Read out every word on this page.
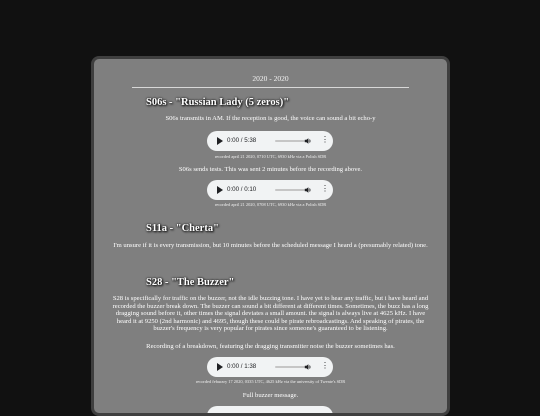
2020 - 2020
S06s - "Russian Lady (5 zeros)"
S06s transmits in AM. If the reception is good, the voice can sound a bit echo-y
0:00 / 5:38	⋮
recorded april 21 2020, 0710 UTC, 6930 kHz via a Polish SDR
S06s sends tests. This was sent 2 minutes before the recording above.
0:00 / 0:10	⋮
recorded april 21 2020, 0708 UTC, 6930 kHz via a Polish SDR
S11a - "Cherta"
I'm unsure if it is every transmission, but 10 minutes before the scheduled message I heard a (presumably related) tone.
S28 - "The Buzzer"
S28 is specifically for traffic on the buzzer, not the idle buzzing tone. I have yet to hear any traffic, but i have heard and recorded the buzzer break down. The buzzer can sound a bit different at different times. Sometimes, the buzz has a long dragging sound before it, other times the signal deviates a small amount. the signal is always live at 4625 kHz. I have heard it at 9250 (2nd harmonic) and 4695, though these could be pirate rebroadcastings. And speaking of pirates, the buzzer's frequency is very popular for pirates since someone's guaranteed to be listening.
Recording of a breakdown, featuring the dragging transmitter noise the buzzer sometimes has.
0:00 / 1:38	⋮
recorded feburary 17 2020, 0335 UTC, 4625 kHz via the university of Twente's SDR
Full buzzer message.
